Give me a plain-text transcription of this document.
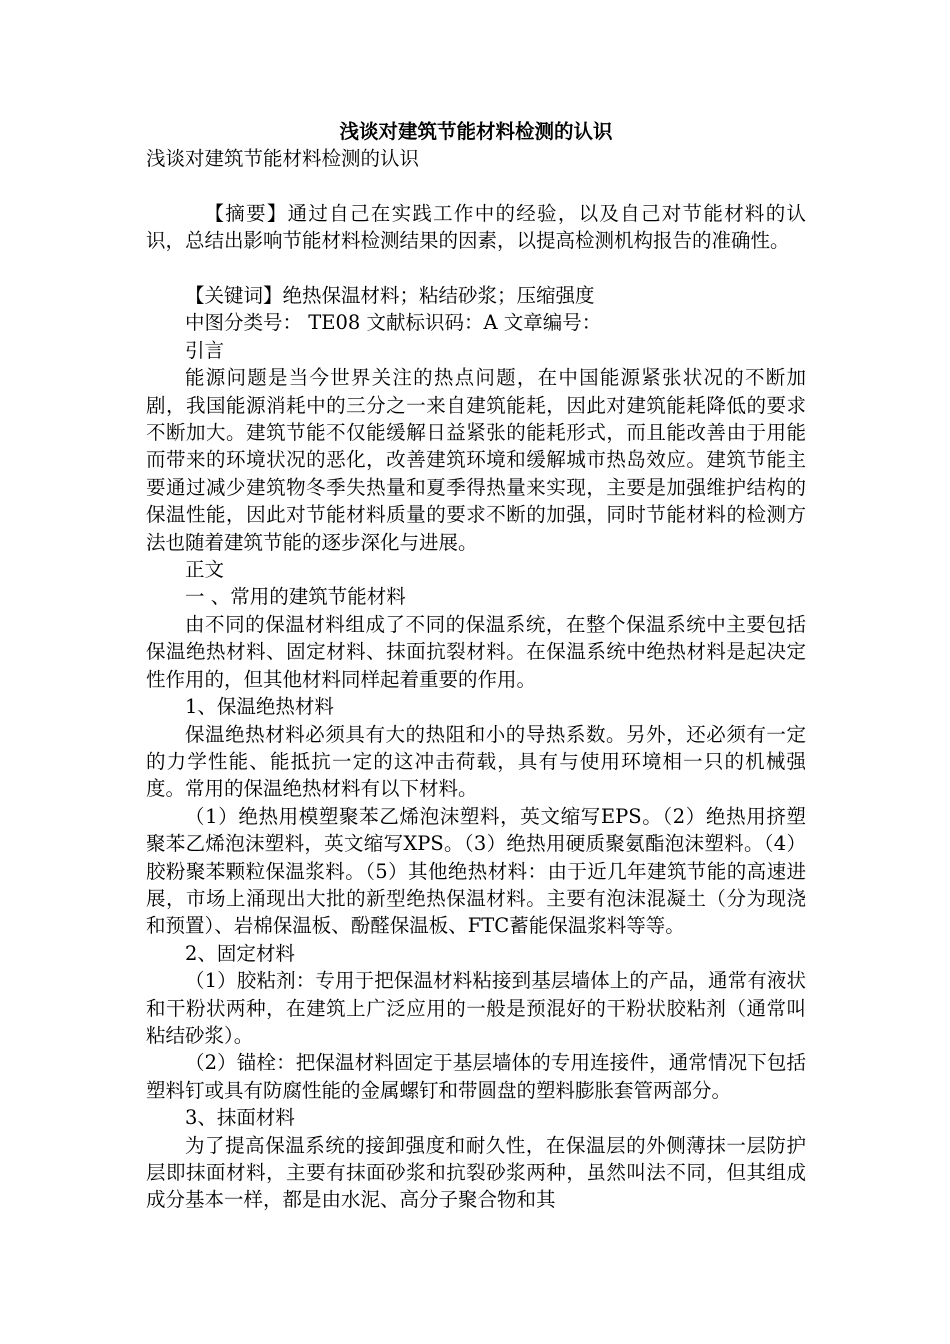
浅谈对建筑节能材料检测的认识

浅谈对建筑节能材料检测的认识

【摘要】通过自己在实践工作中的经验，以及自己对节能材料的认识，总结出影响节能材料检测结果的因素，以提高检测机构报告的准确性。

【关键词】绝热保温材料；粘结砂浆；压缩强度

中图分类号： TE08 文献标识码：A 文章编号：

引言

能源问题是当今世界关注的热点问题，在中国能源紧张状况的不断加剧，我国能源消耗中的三分之一来自建筑能耗，因此对建筑能耗降低的要求不断加大。建筑节能不仅能缓解日益紧张的能耗形式，而且能改善由于用能而带来的环境状况的恶化，改善建筑环境和缓解城市热岛效应。建筑节能主要通过减少建筑物冬季失热量和夏季得热量来实现，主要是加强维护结构的保温性能，因此对节能材料质量的要求不断的加强，同时节能材料的检测方法也随着建筑节能的逐步深化与进展。

正文

一 、常用的建筑节能材料

由不同的保温材料组成了不同的保温系统，在整个保温系统中主要包括保温绝热材料、固定材料、抹面抗裂材料。在保温系统中绝热材料是起决定性作用的，但其他材料同样起着重要的作用。

1、保温绝热材料

保温绝热材料必须具有大的热阻和小的导热系数。另外，还必须有一定的力学性能、能抵抗一定的这冲击荷载，具有与使用环境相一只的机械强度。常用的保温绝热材料有以下材料。

（1）绝热用模塑聚苯乙烯泡沫塑料，英文缩写EPS。（2）绝热用挤塑聚苯乙烯泡沫塑料，英文缩写XPS。（3）绝热用硬质聚氨酯泡沫塑料。（4）胶粉聚苯颗粒保温浆料。（5）其他绝热材料：由于近几年建筑节能的高速进展，市场上涌现出大批的新型绝热保温材料。主要有泡沫混凝土（分为现浇和预置）、岩棉保温板、酚醛保温板、FTC蓄能保温浆料等等。

2、固定材料

（1）胶粘剂：专用于把保温材料粘接到基层墙体上的产品，通常有液状和干粉状两种，在建筑上广泛应用的一般是预混好的干粉状胶粘剂（通常叫粘结砂浆）。

（2）锚栓：把保温材料固定于基层墙体的专用连接件，通常情况下包括塑料钉或具有防腐性能的金属螺钉和带圆盘的塑料膨胀套管两部分。

3、抹面材料

为了提高保温系统的接卸强度和耐久性，在保温层的外侧薄抹一层防护层即抹面材料，主要有抹面砂浆和抗裂砂浆两种，虽然叫法不同，但其组成成分基本一样，都是由水泥、高分子聚合物和其
